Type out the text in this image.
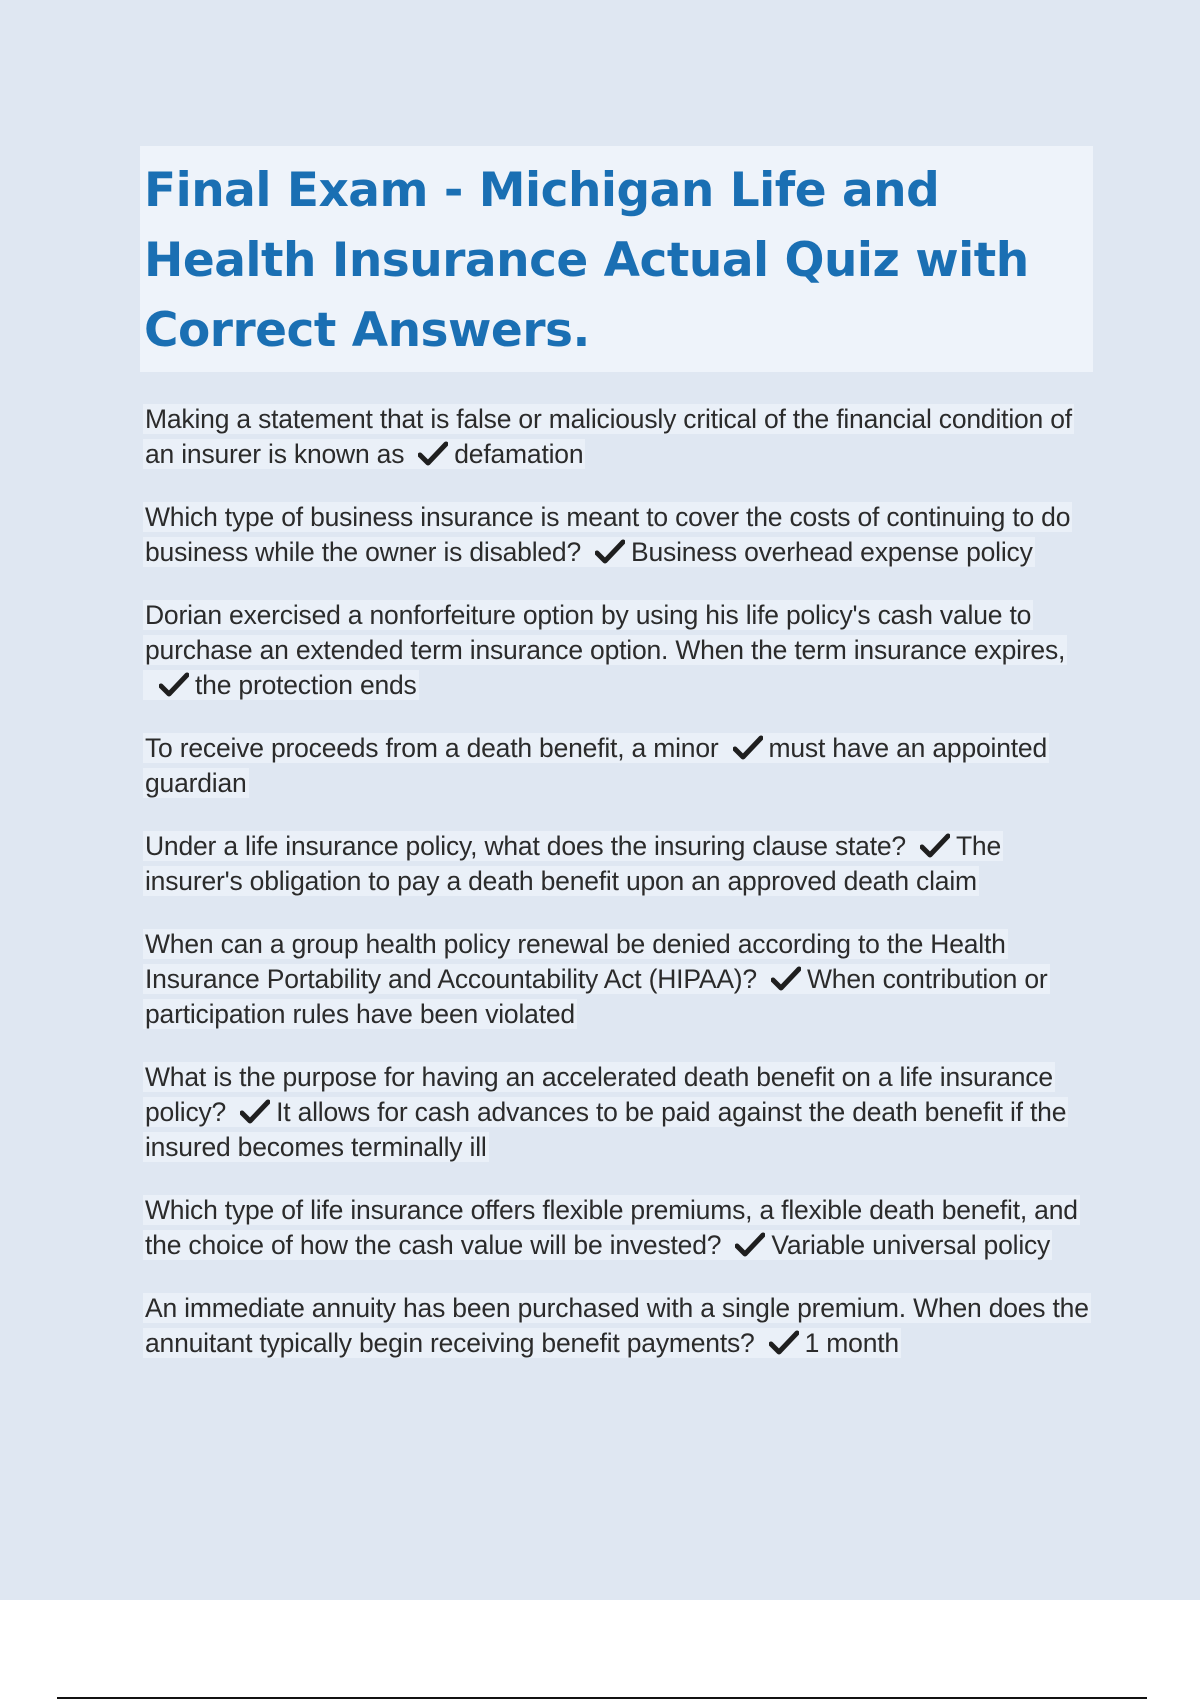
Final Exam - Michigan Life and Health Insurance Actual Quiz with Correct Answers.

Making a statement that is false or maliciously critical of the financial condition of an insurer is known as defamation

Which type of business insurance is meant to cover the costs of continuing to do business while the owner is disabled? Business overhead expense policy

Dorian exercised a nonforfeiture option by using his life policy's cash value to purchase an extended term insurance option. When the term insurance expires,the protection ends

To receive proceeds from a death benefit, a minor must have an appointed guardian

Under a life insurance policy, what does the insuring clause state? The insurer's obligation to pay a death benefit upon an approved death claim

When can a group health policy renewal be denied according to the Health Insurance Portability and Accountability Act (HIPAA)? When contribution or participation rules have been violated

What is the purpose for having an accelerated death benefit on a life insurance policy? It allows for cash advances to be paid against the death benefit if the insured becomes terminally ill

Which type of life insurance offers flexible premiums, a flexible death benefit, and the choice of how the cash value will be invested? Variable universal policy

An immediate annuity has been purchased with a single premium. When does the annuitant typically begin receiving benefit payments? 1 month
